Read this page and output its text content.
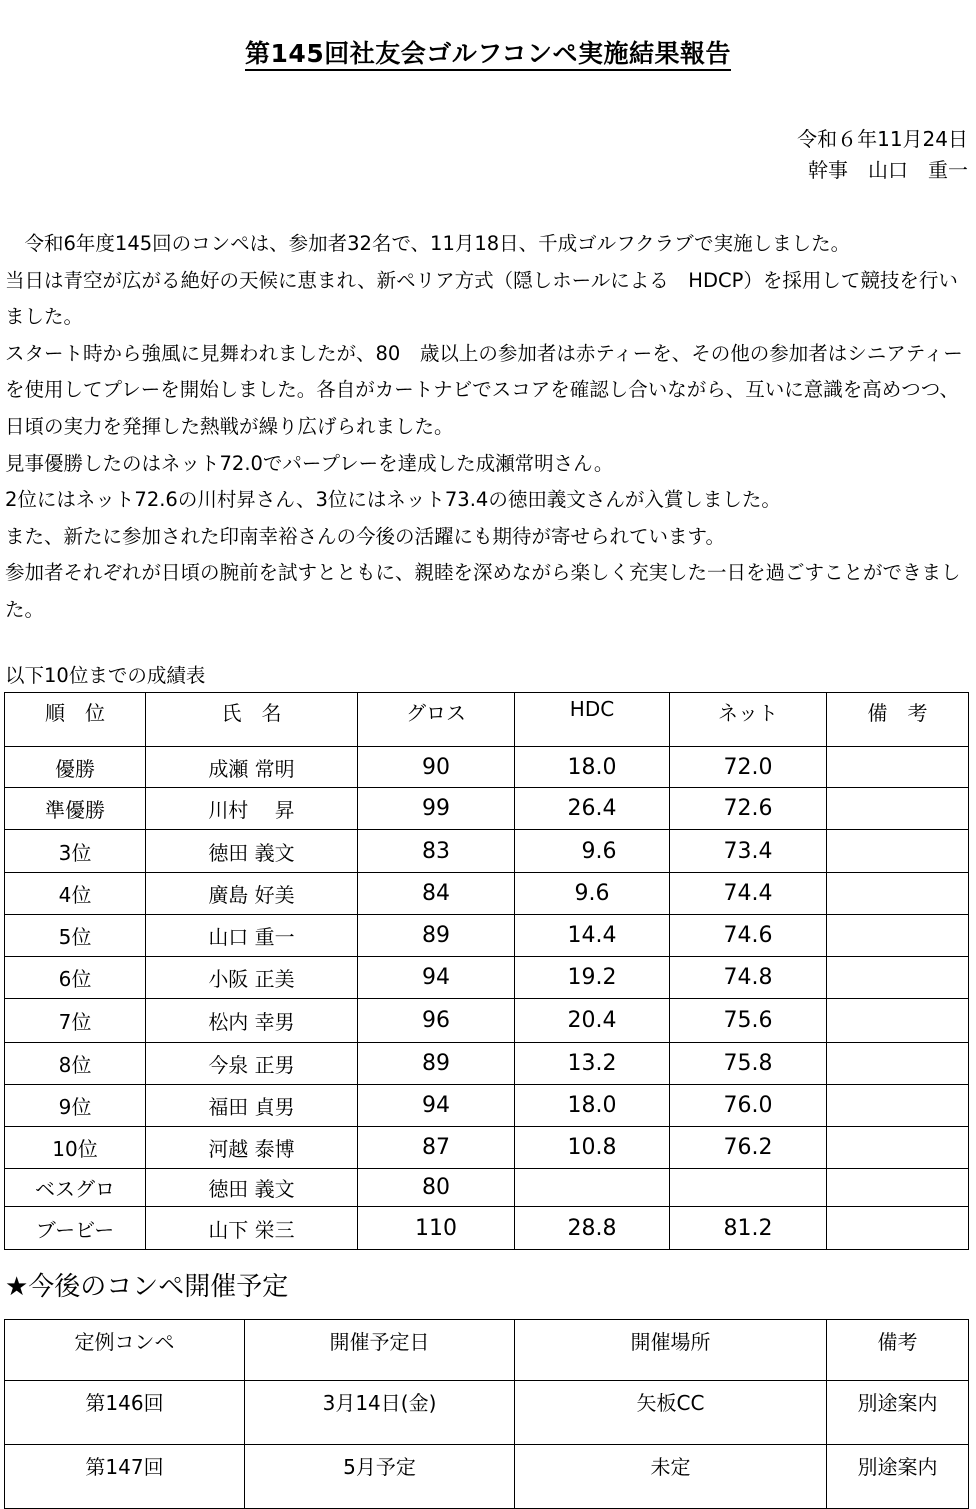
第145回社友会ゴルフコンペ実施結果報告
令和６年11月24日
幹事　山口　重一

令和6年度145回のコンペは、参加者32名で、11月18日、千成ゴルフクラブで実施しました。

当日は青空が広がる絶好の天候に恵まれ、新ペリア方式（隠しホールによる　HDCP）を採用して競技を行いました。

スタート時から強風に見舞われましたが、80　歳以上の参加者は赤ティーを、その他の参加者はシニアティーを使用してプレーを開始しました。各自がカートナビでスコアを確認し合いながら、互いに意識を高めつつ、日頃の実力を発揮した熱戦が繰り広げられました。

見事優勝したのはネット72.0でパープレーを達成した成瀬常明さん。

2位にはネット72.6の川村昇さん、3位にはネット73.4の徳田義文さんが入賞しました。

また、新たに参加された印南幸裕さんの今後の活躍にも期待が寄せられています。

参加者それぞれが日頃の腕前を試すとともに、親睦を深めながら楽しく充実した一日を過ごすことができました。

以下10位までの成績表
順　位	氏　名	グロス	HDC	ネット	備　考
優勝	成瀬 常明	90	18.0	72.0	
準優勝	川村　 昇	99	26.4	72.6	
3位	徳田 義文	83	9.6	73.4	
4位	廣島 好美	84	9.6	74.4	
5位	山口 重一	89	14.4	74.6	
6位	小阪 正美	94	19.2	74.8	
7位	松内 幸男	96	20.4	75.6	
8位	今泉 正男	89	13.2	75.8	
9位	福田 貞男	94	18.0	76.0	
10位	河越 泰博	87	10.8	76.2	
ベスグロ	徳田 義文	80			
ブービー	山下 栄三	110	28.8	81.2	
★今後のコンペ開催予定
定例コンペ	開催予定日	開催場所	備考
第146回	3月14日(金)	矢板CC	別途案内
第147回	5月予定	未定	別途案内
